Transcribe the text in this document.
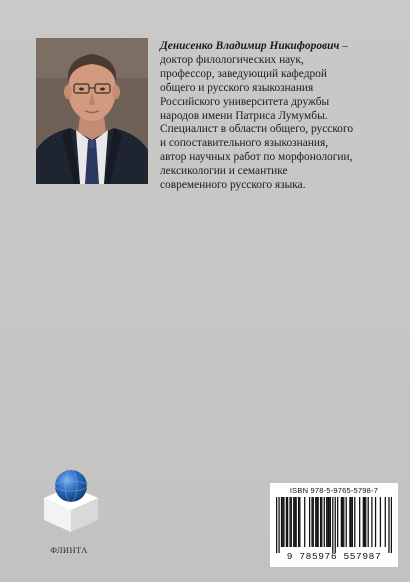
Денисенко Владимир Никифорович –
доктор филологических наук,
профессор, заведующий кафедрой
общего и русского языкознания
Российского университета дружбы
народов имени Патриса Лумумбы.
Специалист в области общего, русского
и сопоставительного языкознания,
автор научных работ по морфонологии,
лексикологии и семантике
современного русского языка.
ФЛИНТА
ISBN 978-5-9765-5798-7
9 785976 557987
